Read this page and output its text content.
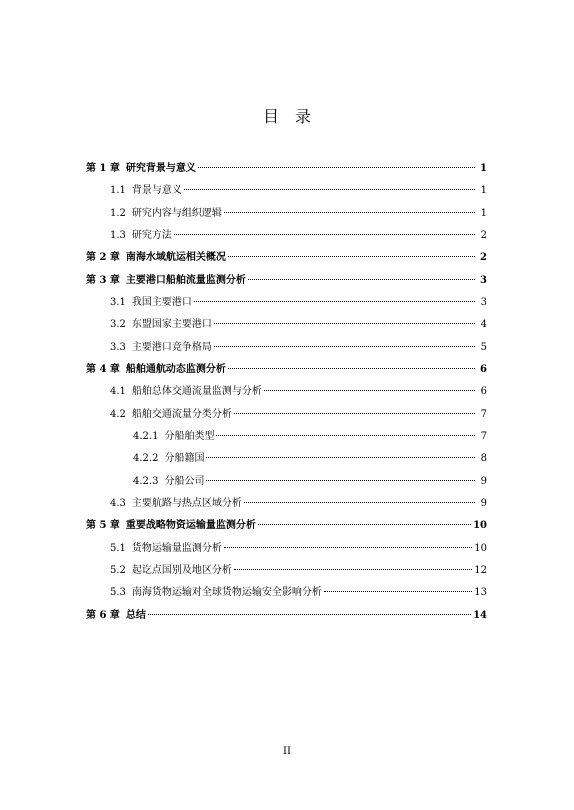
目　录
第 1 章 研究背景与意义	1
1.1 背景与意义	1
1.2 研究内容与组织逻辑	1
1.3 研究方法	2
第 2 章 南海水域航运相关概况	2
第 3 章 主要港口船舶流量监测分析	3
3.1 我国主要港口	3
3.2 东盟国家主要港口	4
3.3 主要港口竞争格局	5
第 4 章 船舶通航动态监测分析	6
4.1 船舶总体交通流量监测与分析	6
4.2 船舶交通流量分类分析	7
4.2.1 分船舶类型	7
4.2.2 分船籍国	8
4.2.3 分船公司	9
4.3 主要航路与热点区域分析	9
第 5 章 重要战略物资运输量监测分析	10
5.1 货物运输量监测分析	10
5.2 起讫点国别及地区分析	12
5.3 南海货物运输对全球货物运输安全影响分析	13
第 6 章 总结	14
II
